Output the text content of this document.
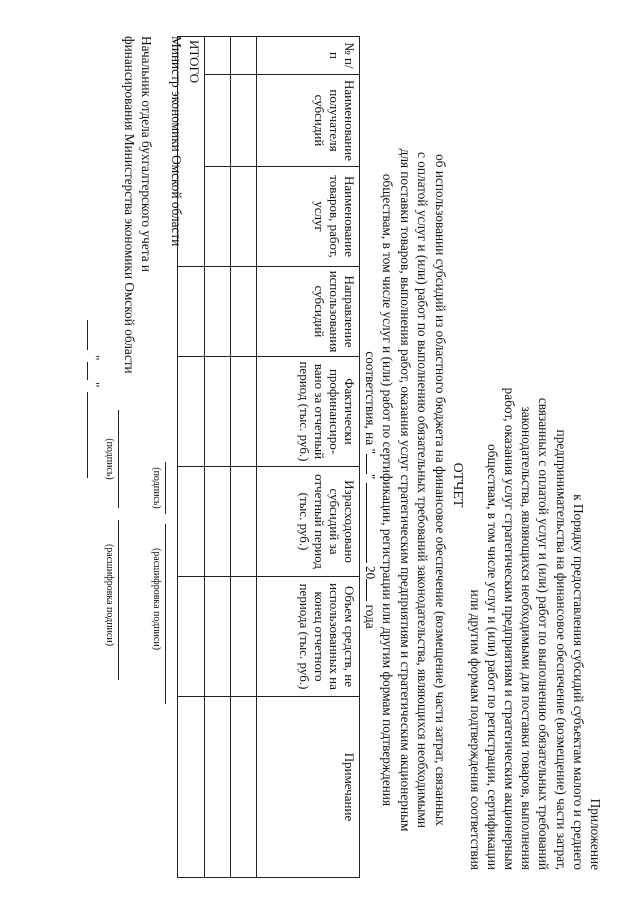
Приложение
к Порядку предоставления субсидий субъектам малого и среднего
предпринимательства на финансовое обеспечение (возмещение) части затрат,
связанных с оплатой услуг и (или) работ по выполнению обязательных требований
законодательства, являющихся необходимыми для поставки товаров, выполнения
работ, оказания услуг стратегическим предприятиям и стратегическим акционерным
обществам, в том числе услуг и (или) работ по регистрации, сертификации
или другим формам подтверждения соответствия
ОТЧЕТ
об использовании субсидий из областного бюджета на финансовое обеспечение (возмещение) части затрат, связанных
с оплатой услуг и (или) работ по выполнению обязательных требований законодательства, являющихся необходимыми
для поставки товаров, выполнения работ, оказания услуг стратегическим предприятиям и стратегическим акционерным
обществам, в том числе услуг и (или) работ по сертификации, регистрации или другим формам подтверждения
соответствия, на ""  20 года
№ п/п	Наименование получателя субсидий	Наименование товаров, работ, услуг	Направление использования субсидий	Фактически профинансиро-вано за отчетный период (тыс. руб.)	Израсходовано субсидий за отчетный период (тыс. руб.)	Объем средств, не использованных на конец отчетного периода (тыс. руб.)	Примечание

ИТОГО							
Министр экономики Омской области
(подпись)
(расшифровка подписи)
Начальник отдела бухгалтерского учета и
финансирования Министерства экономики Омской области
(подпись)
(расшифровка подписи)
"
"
